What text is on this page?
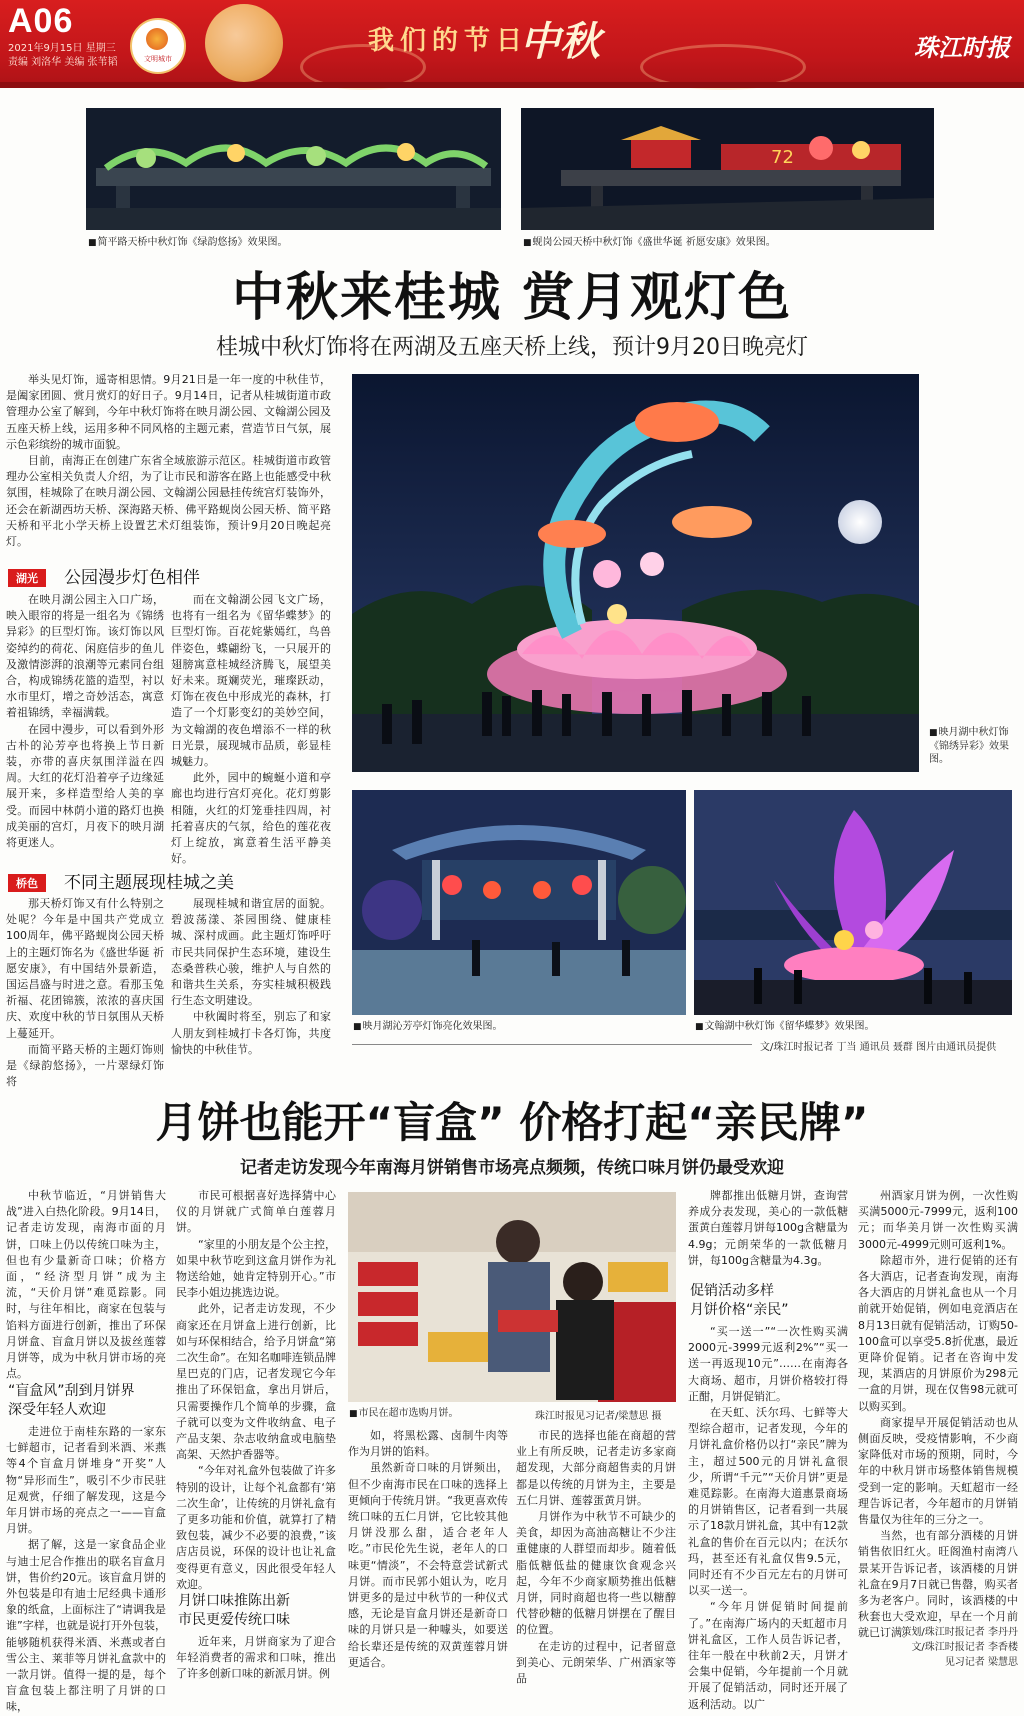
A06
2021年9月15日 星期三
责编 刘洛华 美编 张苇韬	文明城市
我们的节日
中秋	珠江时报
■ 简平路天桥中秋灯饰《绿韵悠扬》效果图。
72
■ 蚬岗公园天桥中秋灯饰《盛世华诞 祈愿安康》效果图。
中秋来桂城 赏月观灯色
桂城中秋灯饰将在两湖及五座天桥上线，预计9月20日晚亮灯

举头见灯饰，遥寄相思情。9月21日是一年一度的中秋佳节，是阖家团圆、赏月赏灯的好日子。9月14日，记者从桂城街道市政管理办公室了解到，今年中秋灯饰将在映月湖公园、文翰湖公园及五座天桥上线，运用多种不同风格的主题元素，营造节日气氛，展示色彩缤纷的城市面貌。

目前，南海正在创建广东省全域旅游示范区。桂城街道市政管理办公室相关负责人介绍，为了让市民和游客在路上也能感受中秋氛围，桂城除了在映月湖公园、文翰湖公园悬挂传统宫灯装饰外，还会在新湖西坊天桥、深海路天桥、佛平路蚬岗公园天桥、简平路天桥和平北小学天桥上设置艺术灯组装饰，预计9月20日晚起亮灯。

湖光 公园漫步灯色相伴

在映月湖公园主入口广场，映入眼帘的将是一组名为《锦绣异彩》的巨型灯饰。该灯饰以风姿绰约的荷花、闲庭信步的鱼儿及激情澎湃的浪潮等元素同台组合，构成锦绣花篮的造型，衬以水市里灯，增之奇妙活态，寓意着祖锦绣，幸福满载。

在园中漫步，可以看到外形古朴的沁芳亭也将换上节日新装，亦带的喜庆氛围洋溢在四周。大红的花灯沿着亭子边缘延展开来，多样造型给人美的享受。而园中林荫小道的路灯也换成美丽的宫灯，月夜下的映月湖将更迷人。

而在文翰湖公园飞文广场，也将有一组名为《留华蝶梦》的巨型灯饰。百花姹紫嫣红，鸟兽伴姿色，蝶翩纷飞，一只展开的翅膀寓意桂城经济腾飞，展望美好未来。斑斓荧光，璀璨跃动，灯饰在夜色中形成光的森林，打造了一个灯影变幻的美妙空间，为文翰湖的夜色增添不一样的秋日光景，展现城市品质，彰显桂城魅力。

此外，园中的蜿蜒小道和亭廊也均进行宫灯亮化。花灯剪影相随，火红的灯笼垂挂四周，衬托着喜庆的气氛，给色的莲花夜灯上绽放，寓意着生活平静美好。

桥色 不同主题展现桂城之美

那天桥灯饰又有什么特别之处呢？今年是中国共产党成立100周年，佛平路蚬岗公园天桥上的主题灯饰名为《盛世华诞 祈愿安康》，有中国结外景新造，国运昌盛与时进之意。看那玉兔祈福、花团锦簇，浓浓的喜庆国庆、欢度中秋的节日氛围从天桥上蔓延开。

而简平路天桥的主题灯饰则是《绿韵悠扬》，一片翠绿灯饰将

展现桂城和谐宜居的面貌。碧波荡漾、茶园围绕、健康桂城、深村成画。此主题灯饰呼吁市民共同保护生态环境，建设生态桑普秩心骏，维护人与自然的和谐共生关系，夯实桂城积极践行生态文明建设。

中秋阖时将至，别忘了和家人朋友到桂城打卡各灯饰，共度愉快的中秋佳节。

■ 映月湖中秋灯饰《锦绣异彩》效果图。
■ 映月湖沁芳亭灯饰亮化效果图。
■	文翰湖中秋灯饰《留华蝶梦》效果图。
文/珠江时报记者 丁当 通讯员 聂群 图片由通讯员提供
月饼也能开“盲盒” 价格打起“亲民牌”
记者走访发现今年南海月饼销售市场亮点频频，传统口味月饼仍最受欢迎

中秋节临近，“月饼销售大战”进入白热化阶段。9月14日，记者走访发现，南海市面的月饼，口味上仍以传统口味为主，但也有少量新奇口味；价格方面，“经济型月饼”成为主流，“天价月饼”难觅踪影。同时，与往年相比，商家在包装与馅料方面进行创新，推出了环保月饼盒、盲盒月饼以及拔丝莲蓉月饼等，成为中秋月饼市场的亮点。

“盲盒风”刮到月饼界
深受年轻人欢迎

走进位于南桂东路的一家东七鲜超市，记者看到米酒、米燕等4个盲盒月饼堆身“开奖”人物“异形而生”，吸引不少市民驻足观赏，仔细了解发现，这是今年月饼市场的亮点之一——盲盒月饼。

据了解，这是一家食品企业与迪士尼合作推出的联名盲盒月饼，售价约20元。该盲盒月饼的外包装是印有迪士尼经典卡通形象的纸盒，上面标注了“请调我是谁”字样，也就是说打开外包装，能够随机获得米酒、米燕或者白雪公主、莱菲等月饼礼盒款中的一款月饼。值得一提的是，每个盲盒包装上都注明了月饼的口味，

市民可根据喜好选择猜中心仪的月饼就广式简单白莲蓉月饼。

“家里的小朋友是个公主控，如果中秋节吃到这盒月饼作为礼物送给她，她肯定特别开心。”市民李小姐边挑选边说。

此外，记者走访发现，不少商家还在月饼盒上进行创新，比如与环保相结合，给予月饼盒“第二次生命”。在知名咖啡连锁品牌星巴克的门店，记者发现它今年推出了环保铝盒，拿出月饼后，只需要操作几个简单的步骤，盒子就可以变为文件收纳盒、电子产品支架、杂志收纳盒或电脑垫高架、天然护香器等。

“今年对礼盒外包装做了许多特别的设计，让每个礼盒都有‘第二次生命’，让传统的月饼礼盒有了更多功能和价值，就算打了精致包装，减少不必要的浪费，”该店店员说，环保的设计也让礼盒变得更有意义，因此很受年轻人欢迎。

月饼口味推陈出新
市民更爱传统口味

近年来，月饼商家为了迎合年轻消费者的需求和口味，推出了许多创新口味的新派月饼。例

■ 市民在超市选购月饼。	珠江时报见习记者/梁慧思 摄

如，将黑松露、卤制牛肉等作为月饼的馅料。

虽然新奇口味的月饼频出，但不少南海市民在口味的选择上更倾向于传统月饼。“我更喜欢传统口味的五仁月饼，它比较其他月饼没那么甜，适合老年人吃。”市民伦先生说，老年人的口味更“情淡”，不会特意尝试新式月饼。而市民郭小姐认为，吃月饼更多的是过中秋节的一种仪式感，无论是盲盒月饼还是新奇口味的月饼只是一种噱头，如要送给长辈还是传统的双黄莲蓉月饼更适合。

市民的选择也能在商超的营业上有所反映，记者走访多家商超发现，大部分商超售卖的月饼都是以传统的月饼为主，主要是五仁月饼、莲蓉蛋黄月饼。

月饼作为中秋节不可缺少的美食，却因为高油高糖让不少注重健康的人群望而却步。随着低脂低糖低盐的健康饮食观念兴起，今年不少商家顺势推出低糖月饼，同时商超也将一些以糖醇代替砂糖的低糖月饼摆在了醒目的位置。

在走访的过程中，记者留意到美心、元朗荣华、广州酒家等品

牌都推出低糖月饼，查询营养成分表发现，美心的一款低糖蛋黄白莲蓉月饼每100g含糖量为4.9g；元朗荣华的一款低糖月饼，每100g含糖量为4.3g。

促销活动多样
月饼价格“亲民”

“买一送一”“一次性购买满2000元-3999元返利2%”“买一送一再返现10元”……在南海各大商场、超市，月饼价格较打得正酣，月饼促销汇。

在天虹、沃尔玛、七鲜等大型综合超市，记者发现，今年的月饼礼盒价格仍以打“亲民”牌为主，超过500元的月饼礼盒很少，所谓“千元”“天价月饼”更是难觅踪影。在南海大道惠景商场的月饼销售区，记者看到一共展示了18款月饼礼盒，其中有12款礼盒的售价在百元以内；在沃尔玛，甚至还有礼盒仅售9.5元，同时还有不少百元左右的月饼可以买一送一。

“今年月饼促销时间提前了。”在南海广场内的天虹超市月饼礼盒区，工作人员告诉记者，往年一般在中秋前2天，月饼才会集中促销，今年提前一个月就开展了促销活动，同时还开展了返利活动。以广

州酒家月饼为例，一次性购买满5000元-7999元，返利100元；而华美月饼一次性购买满3000元-4999元则可返利1%。

除超市外，进行促销的还有各大酒店，记者查询发现，南海各大酒店的月饼礼盒也从一个月前就开始促销，例如电竞酒店在8月13日就有促销活动，订购50-100盒可以享受5.8折优惠，最近更降价促销。记者在咨询中发现，某酒店的月饼原价为298元一盒的月饼，现在仅售98元就可以购买到。

商家提早开展促销活动也从侧面反映，受疫情影响，不少商家降低对市场的预期，同时，今年的中秋月饼市场整体销售规模受到一定的影响。天虹超市一经理告诉记者，今年超市的月饼销售量仅为往年的三分之一。

当然，也有部分酒楼的月饼销售依旧红火。旺阁渔村南湾八景某开告诉记者，该酒楼的月饼礼盒在9月7日就已售罄，购买者多为老客户。同时，该酒楼的中秋套也大受欢迎，早在一个月前就已订满。

策划/珠江时报记者 李丹丹
文/珠江时报记者 李香楼
见习记者 梁慧思
